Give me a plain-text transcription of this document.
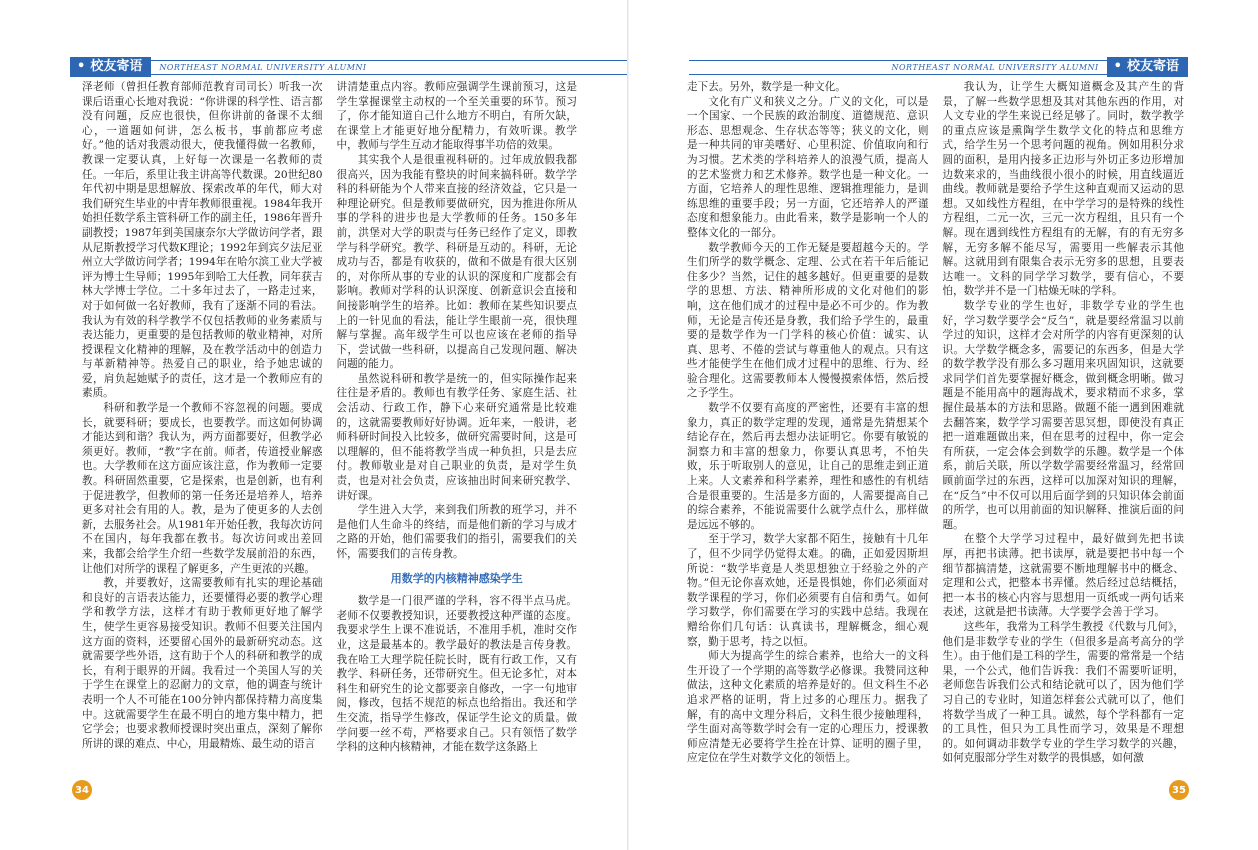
• 校友寄语	NORTHEAST NORMAL UNIVERSITY ALUMNI

泽老师（曾担任教育部师范教育司司长）听我一次课后语重心长地对我说：“你讲课的科学性、语言都没有问题，反应也很快，但你讲前的备课不太细心，一道题如何讲，怎么板书，事前都应考虑好。”他的话对我震动很大，使我懂得做一名教师，教课一定要认真，上好每一次课是一名教师的责任。一年后，系里让我主讲高等代数课。20世纪80年代初中期是思想解放、探索改革的年代，师大对我们研究生毕业的中青年教师很重视。1984年我开始担任数学系主管科研工作的副主任，1986年晋升副教授；1987年到美国康奈尔大学做访问学者，跟从尼斯教授学习代数K理论；1992年到宾夕法尼亚州立大学做访问学者；1994年在哈尔滨工业大学被评为博士生导师；1995年到哈工大任教，同年获吉林大学博士学位。二十多年过去了，一路走过来，对于如何做一名好教师，我有了逐渐不同的看法。我认为有效的科学教学不仅包括教师的业务素质与表达能力，更重要的是包括教师的敬业精神，对所授课程文化精神的理解，及在教学活动中的创造力与革新精神等。热爱自己的职业，给予她忠诚的爱，肩负起她赋予的责任，这才是一个教师应有的素质。

科研和教学是一个教师不容忽视的问题。要成长，就要科研；要成长，也要教学。而这如何协调才能达到和谐？我认为，两方面都要好，但教学必须更好。教师，“教”字在前。师者，传道授业解惑也。大学教师在这方面应该注意，作为教师一定要教。科研固然重要，它是探索，也是创新，也有利于促进教学，但教师的第一任务还是培养人，培养更多对社会有用的人。教，是为了使更多的人去创新，去服务社会。从1981年开始任教，我每次访问不在国内，每年我都在教书。每次访问或出差回来，我都会给学生介绍一些数学发展前沿的东西，让他们对所学的课程了解更多，产生更浓的兴趣。

教，并要教好，这需要教师有扎实的理论基础和良好的言语表达能力，还要懂得必要的教学心理学和教学方法，这样才有助于教师更好地了解学生，使学生更容易接受知识。教师不但要关注国内这方面的资料，还要留心国外的最新研究动态。这就需要学些外语，这有助于个人的科研和教学的成长，有利于眼界的开阔。我看过一个美国人写的关于学生在课堂上的忍耐力的文章，他的调查与统计表明一个人不可能在100分钟内都保持精力高度集中。这就需要学生在最不明白的地方集中精力，把它学会；也要求教师授课时突出重点，深刻了解你所讲的课的难点、中心，用最精炼、最生动的语言

讲清楚重点内容。教师应强调学生课前预习，这是学生掌握课堂主动权的一个至关重要的环节。预习了，你才能知道自己什么地方不明白，有所欠缺，在课堂上才能更好地分配精力，有效听课。教学中，教师与学生互动才能取得事半功倍的效果。

其实我个人是很重视科研的。过年成放假我都很高兴，因为我能有整块的时间来搞科研。数学学科的科研能为个人带来直接的经济效益，它只是一种理论研究。但是教师要做研究，因为推进你所从事的学科的进步也是大学教师的任务。150多年前，洪堡对大学的职责与任务已经作了定义，即教学与科学研究。教学、科研是互动的。科研，无论成功与否，都是有收获的，做和不做是有很大区别的，对你所从事的专业的认识的深度和广度都会有影响。教师对学科的认识深度、创新意识会直接和间接影响学生的培养。比如：教师在某些知识要点上的一针见血的看法，能让学生眼前一亮，很快理解与掌握。高年级学生可以也应该在老师的指导下，尝试做一些科研，以提高自己发现问题、解决问题的能力。

虽然说科研和教学是统一的，但实际操作起来往往是矛盾的。教师也有教学任务、家庭生活、社会活动、行政工作，静下心来研究通常是比较难的，这就需要教师好好协调。近年来，一般讲，老师科研时间投入比较多，做研究需要时间，这是可以理解的，但不能将教学当成一种负担，只是去应付。教师敬业是对自己职业的负责，是对学生负责，也是对社会负责，应该抽出时间来研究教学、讲好课。

学生进入大学，来到我们所教的班学习，并不是他们人生命斗的终结，而是他们新的学习与成才之路的开始，他们需要我们的指引，需要我们的关怀，需要我们的言传身教。

用数学的内核精神感染学生

数学是一门很严谨的学科，容不得半点马虎。老师不仅要教授知识，还要教授这种严谨的态度。我要求学生上课不准说话，不准用手机，准时交作业，这是最基本的。教学最好的教法是言传身教。我在哈工大理学院任院长时，既有行政工作，又有教学、科研任务，还带研究生。但无论多忙，对本科生和研究生的论文都要亲自修改，一字一句地审阅，修改，包括不规范的标点也给指出。我还和学生交流，指导学生修改，保证学生论文的质量。做学问要一丝不苟，严格要求自己。只有领悟了数学学科的这种内核精神，才能在数学这条路上

34
• 校友寄语
NORTHEAST NORMAL UNIVERSITY ALUMNI

走下去。另外，数学是一种文化。

文化有广义和狭义之分。广义的文化，可以是一个国家、一个民族的政治制度、道德规范、意识形态、思想观念、生存状态等等；狭义的文化，则是一种共同的审美嗜好、心里积淀、价值取向和行为习惯。艺术类的学科培养人的浪漫气质，提高人的艺术鉴赏力和艺术修养。数学也是一种文化。一方面，它培养人的理性思维、逻辑推理能力，是训练思维的重要手段；另一方面，它还培养人的严谨态度和想象能力。由此看来，数学是影响一个人的整体文化的一部分。

数学教师今天的工作无疑是要超越今天的。学生们所学的数学概念、定理、公式在若干年后能记住多少？当然，记住的越多越好。但更重要的是数学的思想、方法、精神所形成的文化对他们的影响，这在他们成才的过程中是必不可少的。作为教师，无论是言传还是身教，我们给予学生的，最重要的是数学作为一门学科的核心价值：诚实、认真、思考、不倦的尝试与尊重他人的观点。只有这些才能使学生在他们成才过程中的思维、行为、经验合理化。这需要教师本人慢慢摸索体悟，然后授之予学生。

数学不仅要有高度的严密性，还要有丰富的想象力，真正的数学定理的发现，通常是先猜想某个结论存在，然后再去想办法证明它。你要有敏锐的洞察力和丰富的想象力，你要认真思考，不怕失败，乐于听取别人的意见，让自己的思维走到正道上来。人文素养和科学素养，理性和感性的有机结合是很重要的。生活是多方面的，人需要提高自己的综合素养，不能说需要什么就学点什么，那样做是远远不够的。

至于学习，数学大家都不陌生，接触有十几年了，但不少同学仍觉得太难。的确，正如爱因斯坦所说：“数学毕竟是人类思想独立于经验之外的产物。”但无论你喜欢她，还是畏惧她，你们必须面对数学课程的学习，你们必须要有自信和勇气。如何学习数学，你们需要在学习的实践中总结。我现在赠给你们几句话：认真读书，理解概念，细心观察，勤于思考，持之以恒。

师大为提高学生的综合素养，也给大一的文科生开设了一个学期的高等数学必修课。我赞同这种做法，这种文化素质的培养是好的。但文科生不必追求严格的证明，背上过多的心理压力。据我了解，有的高中文理分科后，文科生很少接触理科，学生面对高等数学时会有一定的心理压力，授课教师应清楚无必要将学生拴在计算、证明的圈子里，应定位在学生对数学文化的领悟上。

我认为，让学生大概知道概念及其产生的背景，了解一些数学思想及其对其他东西的作用，对人文专业的学生来说已经足够了。同时，数学教学的重点应该是熏陶学生数学文化的特点和思维方式，给学生另一个思考问题的视角。例如用积分求圆的面积，是用内接多正边形与外切正多边形增加边数来求的，当曲线很小很小的时候，用直线逼近曲线。教师就是要给予学生这种直观而又运动的思想。又如线性方程组，在中学学习的是特殊的线性方程组，二元一次，三元一次方程组，且只有一个解。现在遇到线性方程组有的无解，有的有无穷多解，无穷多解不能尽写，需要用一些解表示其他解。这就用到有限集合表示无穷多的思想，且要表达唯一。文科的同学学习数学，要有信心，不要怕，数学并不是一门枯燥无味的学科。

数学专业的学生也好，非数学专业的学生也好，学习数学要学会“反刍”，就是要经常温习以前学过的知识，这样才会对所学的内容有更深刻的认识。大学数学概念多，需要记的东西多，但是大学的数学教学没有那么多习题用来巩固知识，这就要求同学们首先要掌握好概念，做到概念明晰。做习题是不能用高中的题海战术，要求精而不求多，掌握住最基本的方法和思路。做题不能一遇到困难就去翻答案，数学学习需要苦思冥想，即使没有真正把一道难题做出来，但在思考的过程中，你一定会有所获，一定会体会到数学的乐趣。数学是一个体系，前后关联，所以学数学需要经常温习，经常回顾前面学过的东西，这样可以加深对知识的理解，在“反刍”中不仅可以用后面学到的只知识体会前面的所学，也可以用前面的知识解释、推演后面的问题。

在整个大学学习过程中，最好做到先把书读厚，再把书读薄。把书读厚，就是要把书中每一个细节都搞清楚，这就需要不断地理解书中的概念、定理和公式，把整本书弄懂。然后经过总结概括，把一本书的核心内容与思想用一页纸或一两句话来表述，这就是把书读薄。大学要学会善于学习。

这些年，我常为工科学生教授《代数与几何》，他们是非数学专业的学生（但很多是高考高分的学生）。由于他们是工科的学生，需要的常常是一个结果，一个公式，他们告诉我：我们不需要听证明，老师您告诉我们公式和结论就可以了，因为他们学习自己的专业时，知道怎样套公式就可以了，他们将数学当成了一种工具。诚然，每个学科都有一定的工具性，但只为工具性而学习，效果是不理想的。如何调动非数学专业的学生学习数学的兴趣，如何克服部分学生对数学的畏惧感，如何激

35
